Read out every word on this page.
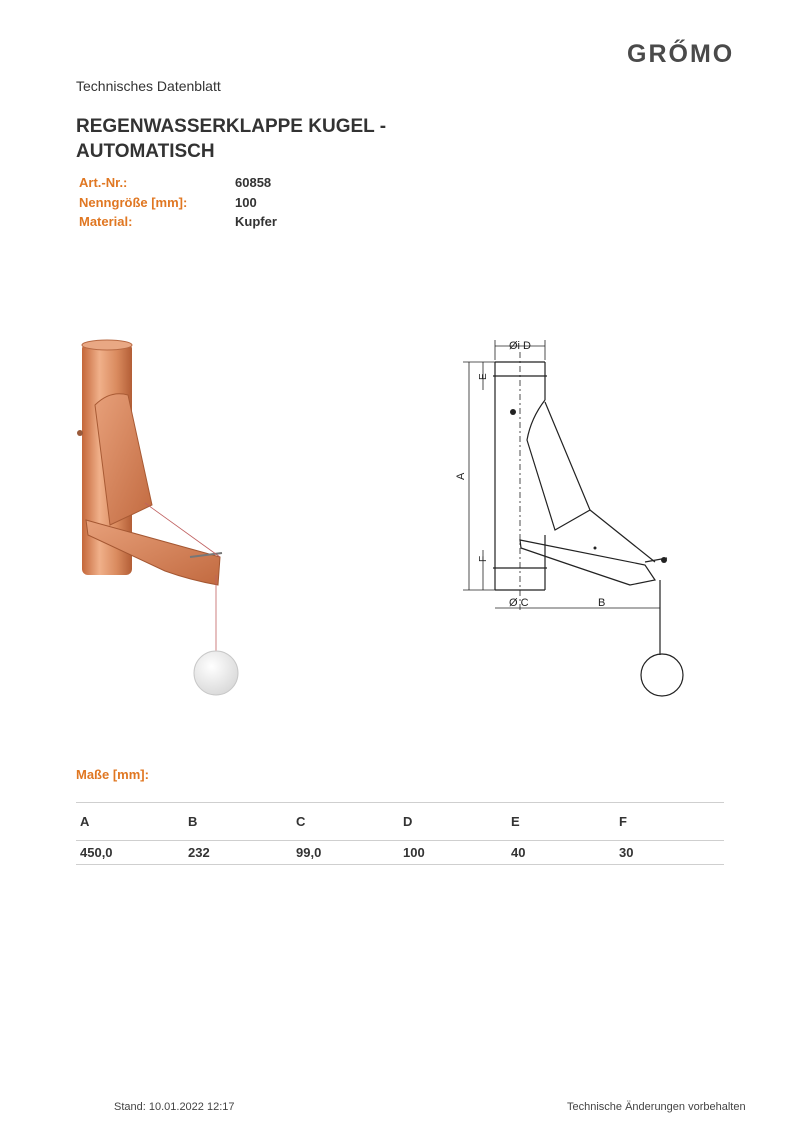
GRŐMO
Technisches Datenblatt
REGENWASSERKLAPPE KUGEL - AUTOMATISCH
Art.-Nr.:	60858
Nenngröße [mm]:	100
Material:	Kupfer
Øi D
A
E
F
Ø C	B
Maße [mm]:
A	B	C	D	E	F
450,0	232	99,0	100	40	30
Stand: 10.01.2022 12:17	Technische Änderungen vorbehalten
